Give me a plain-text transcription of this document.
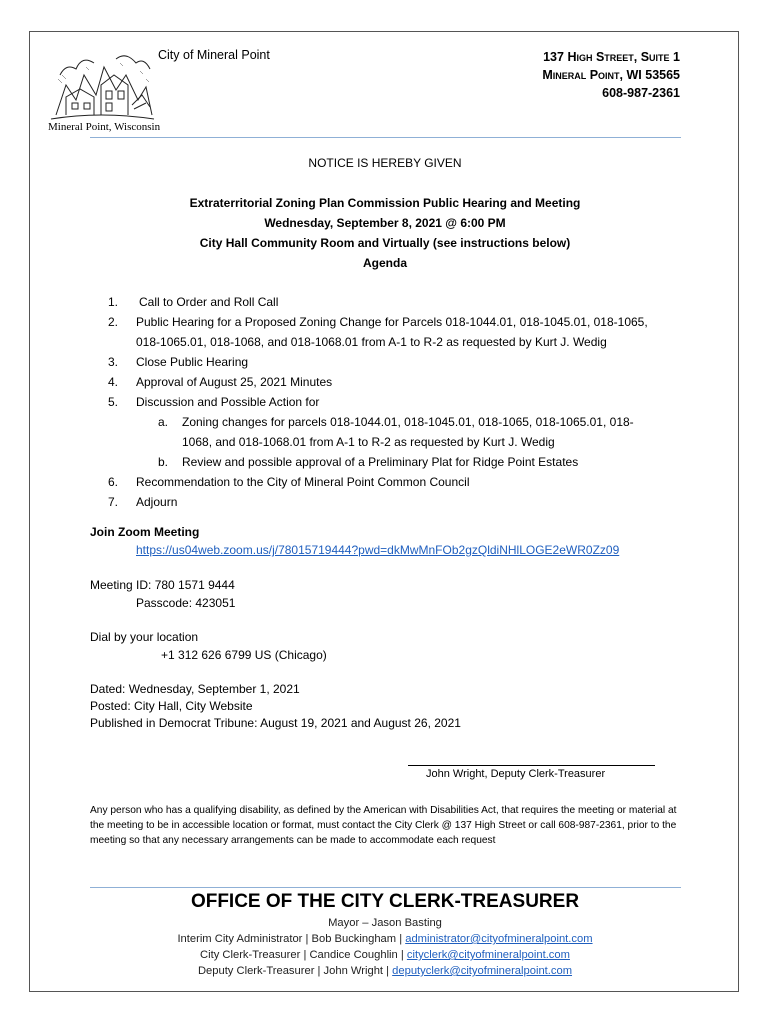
Mineral Point, Wisconsin
City of Mineral Point	137 High Street, Suite 1
Mineral Point, WI 53565
608-987-2361
NOTICE IS HEREBY GIVEN
Extraterritorial Zoning Plan Commission Public Hearing and Meeting
Wednesday, September 8, 2021 @ 6:00 PM
City Hall Community Room and Virtually (see instructions below)
Agenda
1.	Call to Order and Roll Call
2.	Public Hearing for a Proposed Zoning Change for Parcels 018-1044.01, 018-1045.01, 018-1065,
018-1065.01, 018-1068, and 018-1068.01 from A-1 to R-2 as requested by Kurt J. Wedig
3.	Close Public Hearing
4.	Approval of August 25, 2021 Minutes
5.	Discussion and Possible Action for
a.	Zoning changes for parcels 018-1044.01, 018-1045.01, 018-1065, 018-1065.01, 018-
1068, and 018-1068.01 from A-1 to R-2 as requested by Kurt J. Wedig
b.	Review and possible approval of a Preliminary Plat for Ridge Point Estates
6.	Recommendation to the City of Mineral Point Common Council
7.	Adjourn
Join Zoom Meeting
https://us04web.zoom.us/j/78015719444?pwd=dkMwMnFOb2gzQldiNHlLOGE2eWR0Zz09
Meeting ID: 780 1571 9444
Passcode: 423051
Dial by your location
+1 312 626 6799 US (Chicago)
Dated: Wednesday, September 1, 2021
Posted: City Hall, City Website
Published in Democrat Tribune: August 19, 2021 and August 26, 2021
John Wright, Deputy Clerk-Treasurer
Any person who has a qualifying disability, as defined by the American with Disabilities Act, that requires the meeting or material at the meeting to be in accessible location or format, must contact the City Clerk @ 137 High Street or call 608-987-2361, prior to the meeting so that any necessary arrangements can be made to accommodate each request
OFFICE OF THE CITY CLERK-TREASURER
Mayor – Jason Basting
Interim City Administrator | Bob Buckingham | administrator@cityofmineralpoint.com
City Clerk-Treasurer | Candice Coughlin | cityclerk@cityofmineralpoint.com
Deputy Clerk-Treasurer | John Wright | deputyclerk@cityofmineralpoint.com
